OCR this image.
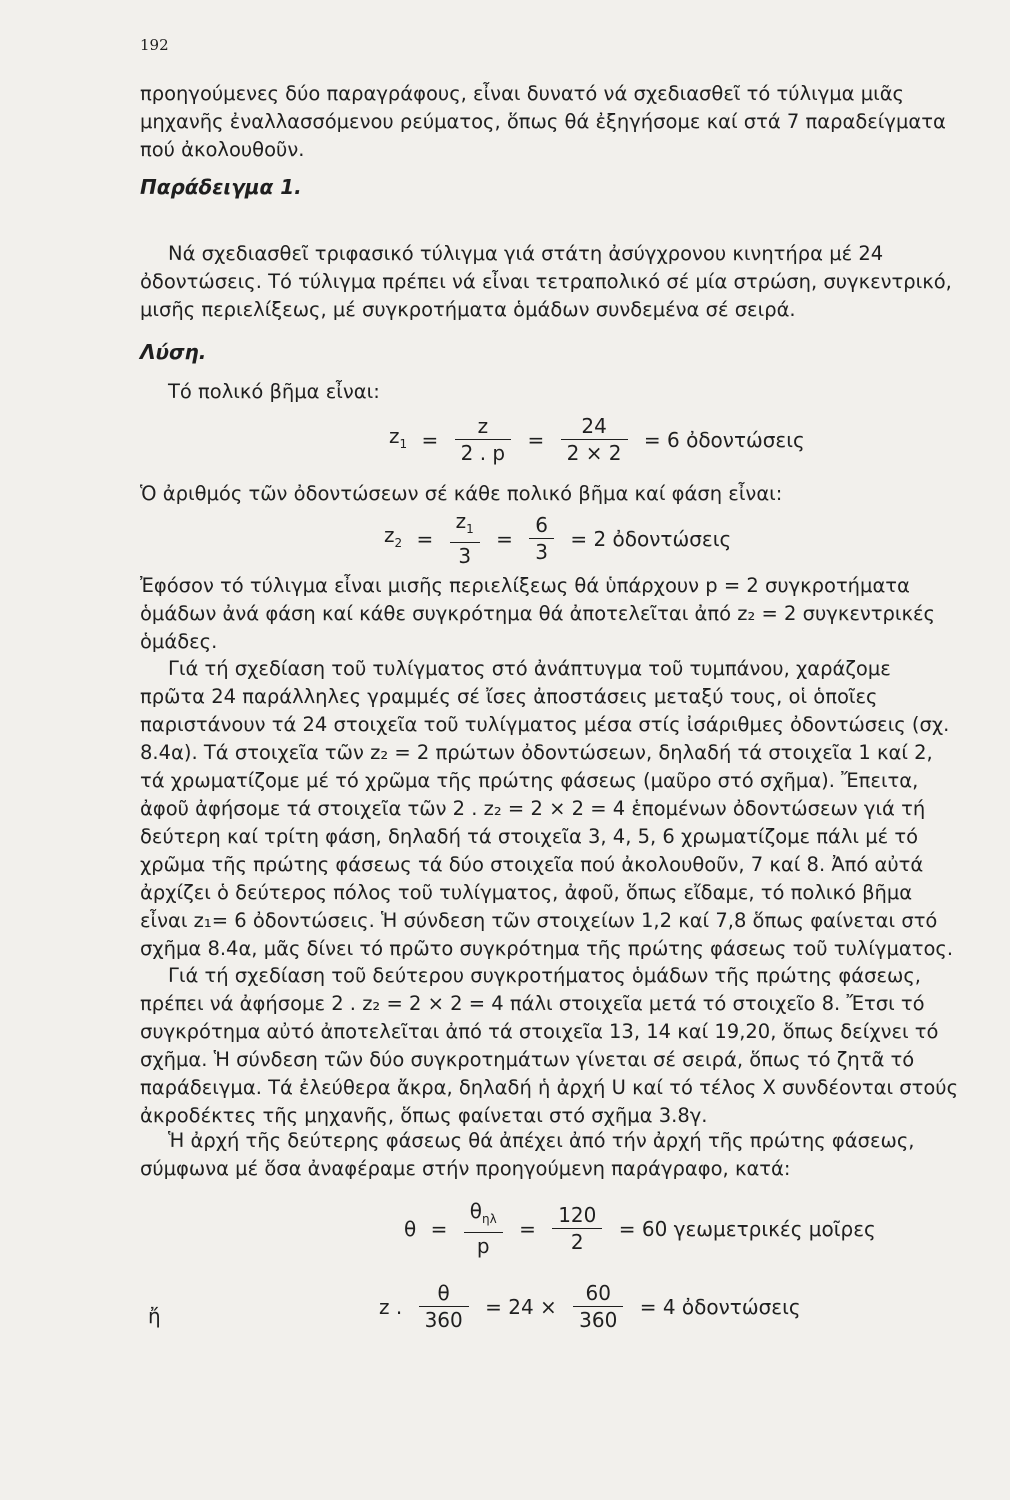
192

προηγούμενες δύο παραγράφους, εἶναι δυνατό νά σχεδιασθεῖ τό τύλιγμα μιᾶς μηχανῆς ἐναλλασσόμενου ρεύματος, ὅπως θά ἐξηγήσομε καί στά 7 παραδείγματα πού ἀκολουθοῦν.

Παράδειγμα 1.

Νά σχεδιασθεῖ τριφασικό τύλιγμα γιά στάτη ἀσύγχρονου κινητήρα μέ 24 ὀδοντώσεις. Τό τύλιγμα πρέπει νά εἶναι τετραπολικό σέ μία στρώση, συγκεντρικό, μισῆς περιελίξεως, μέ συγκροτήματα ὁμάδων συνδεμένα σέ σειρά.

Λύση.

Τό πολικό βῆμα εἶναι:

$z_1 = \frac{z}{2 . p} = \frac{24}{2 \times 2} = 6$ ὀδοντώσεις

Ὁ ἀριθμός τῶν ὀδοντώσεων σέ κάθε πολικό βῆμα καί φάση εἶναι:

$z_2 = \frac{z_1}{3} = \frac{6}{3} = 2$ ὀδοντώσεις

Ἐφόσον τό τύλιγμα εἶναι μισῆς περιελίξεως θά ὑπάρχουν p = 2 συγκροτήματα ὁμάδων ἀνά φάση καί κάθε συγκρότημα θά ἀποτελεῖται ἀπό z₂ = 2 συγκεντρικές ὁμάδες.

Γιά τή σχεδίαση τοῦ τυλίγματος στό ἀνάπτυγμα τοῦ τυμπάνου, χαράζομε πρῶτα 24 παράλληλες γραμμές σέ ἴσες ἀποστάσεις μεταξύ τους, οἱ ὁποῖες παριστάνουν τά 24 στοιχεῖα τοῦ τυλίγματος μέσα στίς ἰσάριθμες ὀδοντώσεις (σχ. 8.4α). Τά στοιχεῖα τῶν z₂ = 2 πρώτων ὀδοντώσεων, δηλαδή τά στοιχεῖα 1 καί 2, τά χρωματίζομε μέ τό χρῶμα τῆς πρώτης φάσεως (μαῦρο στό σχῆμα). Ἔπειτα, ἀφοῦ ἀφήσομε τά στοιχεῖα τῶν 2 . z₂ = 2 × 2 = 4 ἑπομένων ὀδοντώσεων γιά τή δεύτερη καί τρίτη φάση, δηλαδή τά στοιχεῖα 3, 4, 5, 6 χρωματίζομε πάλι μέ τό χρῶμα τῆς πρώτης φάσεως τά δύο στοιχεῖα πού ἀκολουθοῦν, 7 καί 8. Ἀπό αὐτά ἀρχίζει ὁ δεύτερος πόλος τοῦ τυλίγματος, ἀφοῦ, ὅπως εἴδαμε, τό πολικό βῆμα εἶναι z₁= 6 ὀδοντώσεις. Ἡ σύνδεση τῶν στοιχείων 1,2 καί 7,8 ὅπως φαίνεται στό σχῆμα 8.4α, μᾶς δίνει τό πρῶτο συγκρότημα τῆς πρώτης φάσεως τοῦ τυλίγματος.

Γιά τή σχεδίαση τοῦ δεύτερου συγκροτήματος ὁμάδων τῆς πρώτης φάσεως, πρέπει νά ἀφήσομε 2 . z₂ = 2 × 2 = 4 πάλι στοιχεῖα μετά τό στοιχεῖο 8. Ἔτσι τό συγκρότημα αὐτό ἀποτελεῖται ἀπό τά στοιχεῖα 13, 14 καί 19,20, ὅπως δείχνει τό σχῆμα. Ἡ σύνδεση τῶν δύο συγκροτημάτων γίνεται σέ σειρά, ὅπως τό ζητᾶ τό παράδειγμα. Τά ἐλεύθερα ἄκρα, δηλαδή ἡ ἀρχή U καί τό τέλος X συνδέονται στούς ἀκροδέκτες τῆς μηχανῆς, ὅπως φαίνεται στό σχῆμα 3.8γ.

Ἡ ἀρχή τῆς δεύτερης φάσεως θά ἀπέχει ἀπό τήν ἀρχή τῆς πρώτης φάσεως, σύμφωνα μέ ὅσα ἀναφέραμε στήν προηγούμενη παράγραφο, κατά:

$\theta = \frac{\theta_{\eta\lambda}}{p} = \frac{120}{2} = 60$ γεωμετρικές μοῖρες
ἤ	z . $\frac{\theta}{360} = 24 \times \frac{60}{360} = 4$ ὀδοντώσεις
